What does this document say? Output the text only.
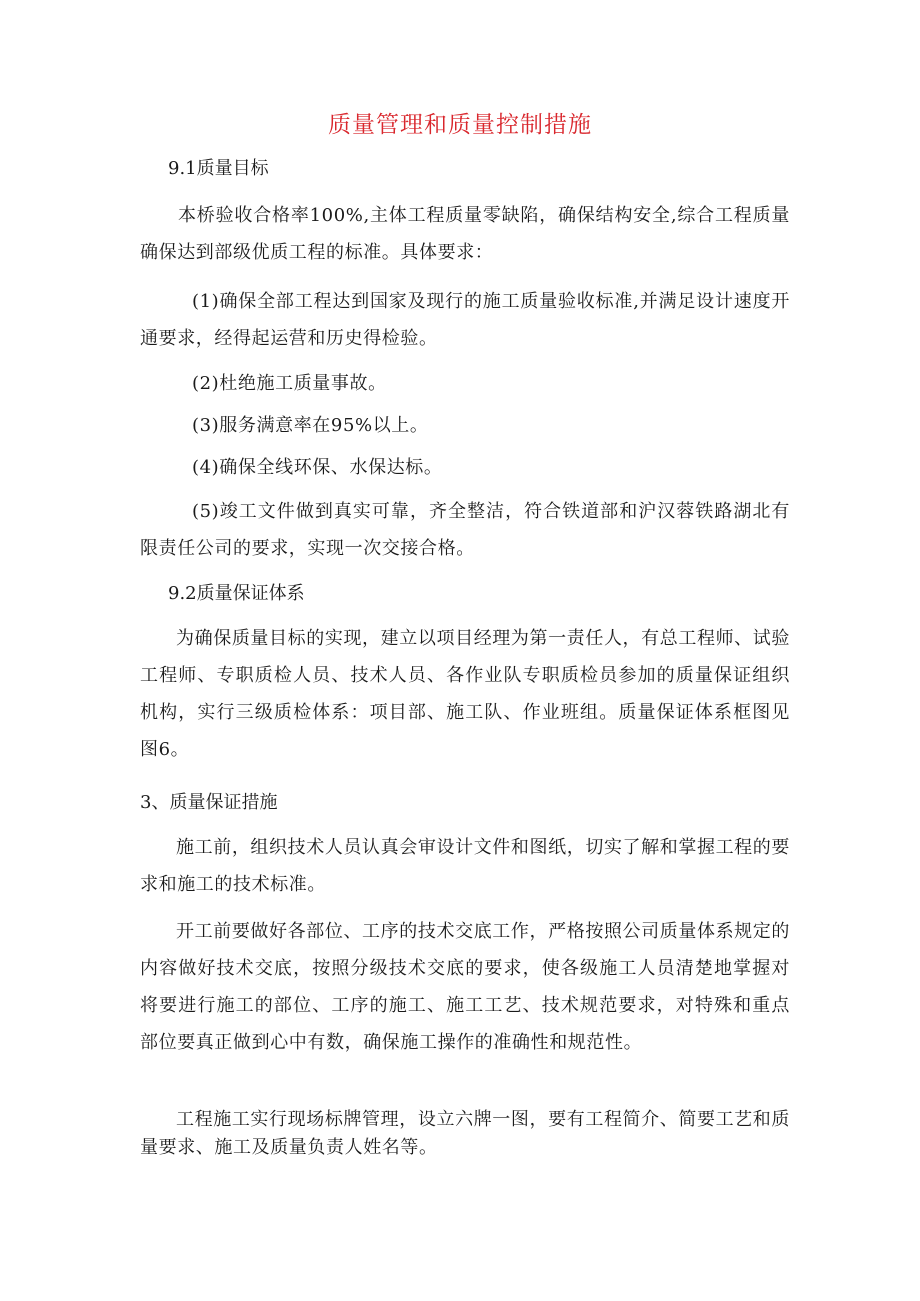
质量管理和质量控制措施
9.1质量目标
本桥验收合格率100%,主体工程质量零缺陷，确保结构安全,综合工程质量确保达到部级优质工程的标准。具体要求：
(1)确保全部工程达到国家及现行的施工质量验收标准,并满足设计速度开通要求，经得起运营和历史得检验。
(2)杜绝施工质量事故。
(3)服务满意率在95%以上。
(4)确保全线环保、水保达标。
(5)竣工文件做到真实可靠，齐全整洁，符合铁道部和沪汉蓉铁路湖北有限责任公司的要求，实现一次交接合格。
9.2质量保证体系
为确保质量目标的实现，建立以项目经理为第一责任人，有总工程师、试验工程师、专职质检人员、技术人员、各作业队专职质检员参加的质量保证组织机构，实行三级质检体系：项目部、施工队、作业班组。质量保证体系框图见图6。
3、质量保证措施
施工前，组织技术人员认真会审设计文件和图纸，切实了解和掌握工程的要求和施工的技术标准。
开工前要做好各部位、工序的技术交底工作，严格按照公司质量体系规定的内容做好技术交底，按照分级技术交底的要求，使各级施工人员清楚地掌握对将要进行施工的部位、工序的施工、施工工艺、技术规范要求，对特殊和重点部位要真正做到心中有数，确保施工操作的准确性和规范性。
工程施工实行现场标牌管理，设立六牌一图，要有工程简介、简要工艺和质量要求、施工及质量负责人姓名等。
